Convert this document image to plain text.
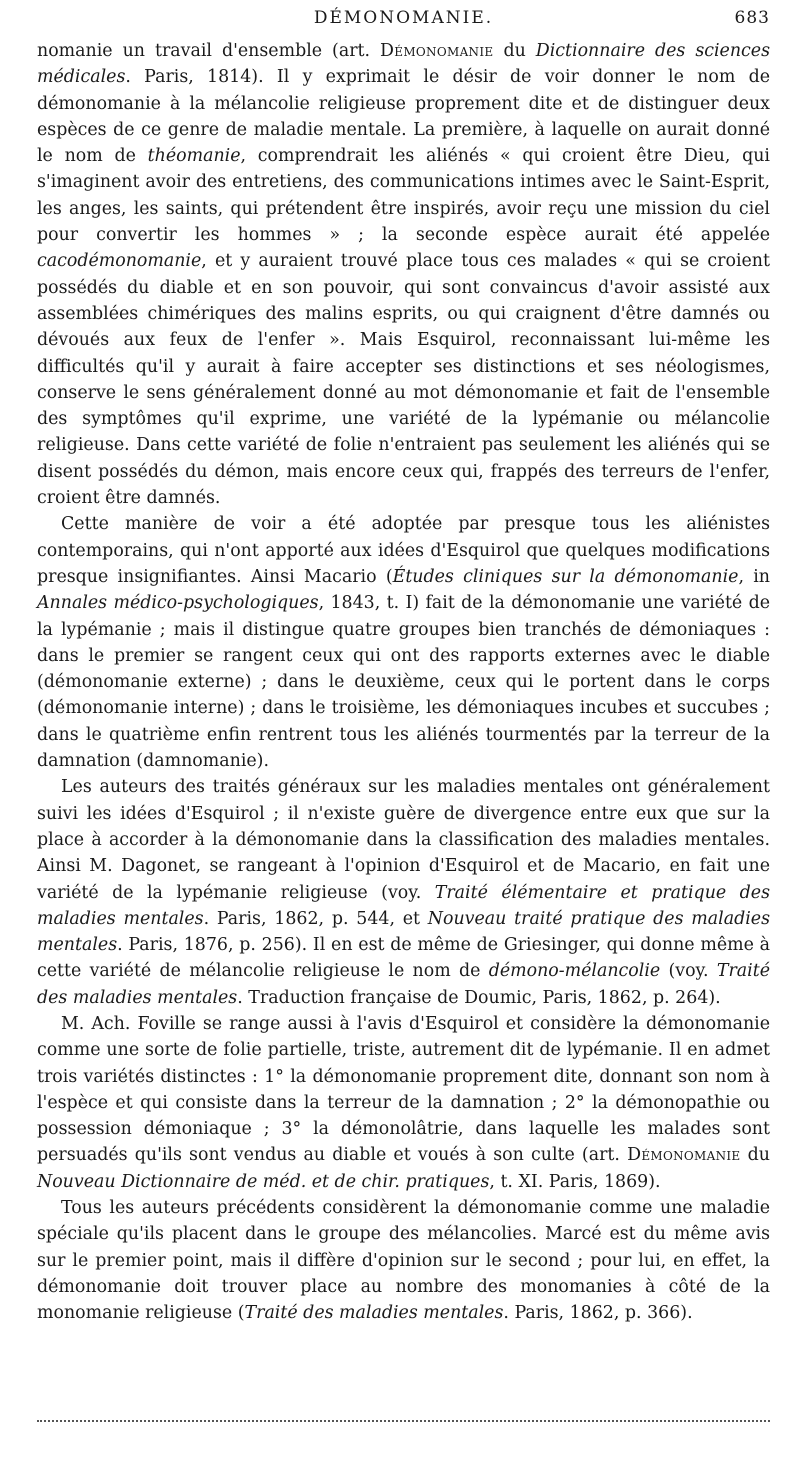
DÉMONOMANIE.	683

nomanie un travail d'ensemble (art. Démonomanie du Dictionnaire des sciences médicales. Paris, 1814). Il y exprimait le désir de voir donner le nom de démonomanie à la mélancolie religieuse proprement dite et de distinguer deux espèces de ce genre de maladie mentale. La première, à laquelle on aurait donné le nom de théomanie, comprendrait les aliénés « qui croient être Dieu, qui s'imaginent avoir des entretiens, des communications intimes avec le Saint-Esprit, les anges, les saints, qui prétendent être inspirés, avoir reçu une mission du ciel pour convertir les hommes » ; la seconde espèce aurait été appelée cacodémonomanie, et y auraient trouvé place tous ces malades « qui se croient possédés du diable et en son pouvoir, qui sont convaincus d'avoir assisté aux assemblées chimériques des malins esprits, ou qui craignent d'être damnés ou dévoués aux feux de l'enfer ». Mais Esquirol, reconnaissant lui-même les difficultés qu'il y aurait à faire accepter ses distinctions et ses néologismes, conserve le sens généralement donné au mot démonomanie et fait de l'ensemble des symptômes qu'il exprime, une variété de la lypémanie ou mélancolie religieuse. Dans cette variété de folie n'entraient pas seulement les aliénés qui se disent possédés du démon, mais encore ceux qui, frappés des terreurs de l'enfer, croient être damnés.

Cette manière de voir a été adoptée par presque tous les aliénistes contemporains, qui n'ont apporté aux idées d'Esquirol que quelques modifications presque insignifiantes. Ainsi Macario (Études cliniques sur la démonomanie, in Annales médico-psychologiques, 1843, t. I) fait de la démonomanie une variété de la lypémanie ; mais il distingue quatre groupes bien tranchés de démoniaques : dans le premier se rangent ceux qui ont des rapports externes avec le diable (démonomanie externe) ; dans le deuxième, ceux qui le portent dans le corps (démonomanie interne) ; dans le troisième, les démoniaques incubes et succubes ; dans le quatrième enfin rentrent tous les aliénés tourmentés par la terreur de la damnation (damnomanie).

Les auteurs des traités généraux sur les maladies mentales ont généralement suivi les idées d'Esquirol ; il n'existe guère de divergence entre eux que sur la place à accorder à la démonomanie dans la classification des maladies mentales. Ainsi M. Dagonet, se rangeant à l'opinion d'Esquirol et de Macario, en fait une variété de la lypémanie religieuse (voy. Traité élémentaire et pratique des maladies mentales. Paris, 1862, p. 544, et Nouveau traité pratique des maladies mentales. Paris, 1876, p. 256). Il en est de même de Griesinger, qui donne même à cette variété de mélancolie religieuse le nom de démono-mélancolie (voy. Traité des maladies mentales. Traduction française de Doumic, Paris, 1862, p. 264).

M. Ach. Foville se range aussi à l'avis d'Esquirol et considère la démonomanie comme une sorte de folie partielle, triste, autrement dit de lypémanie. Il en admet trois variétés distinctes : 1° la démonomanie proprement dite, donnant son nom à l'espèce et qui consiste dans la terreur de la damnation ; 2° la démonopathie ou possession démoniaque ; 3° la démonolâtrie, dans laquelle les malades sont persuadés qu'ils sont vendus au diable et voués à son culte (art. Démonomanie du Nouveau Dictionnaire de méd. et de chir. pratiques, t. XI. Paris, 1869).

Tous les auteurs précédents considèrent la démonomanie comme une maladie spéciale qu'ils placent dans le groupe des mélancolies. Marcé est du même avis sur le premier point, mais il diffère d'opinion sur le second ; pour lui, en effet, la démonomanie doit trouver place au nombre des monomanies à côté de la monomanie religieuse (Traité des maladies mentales. Paris, 1862, p. 366).
